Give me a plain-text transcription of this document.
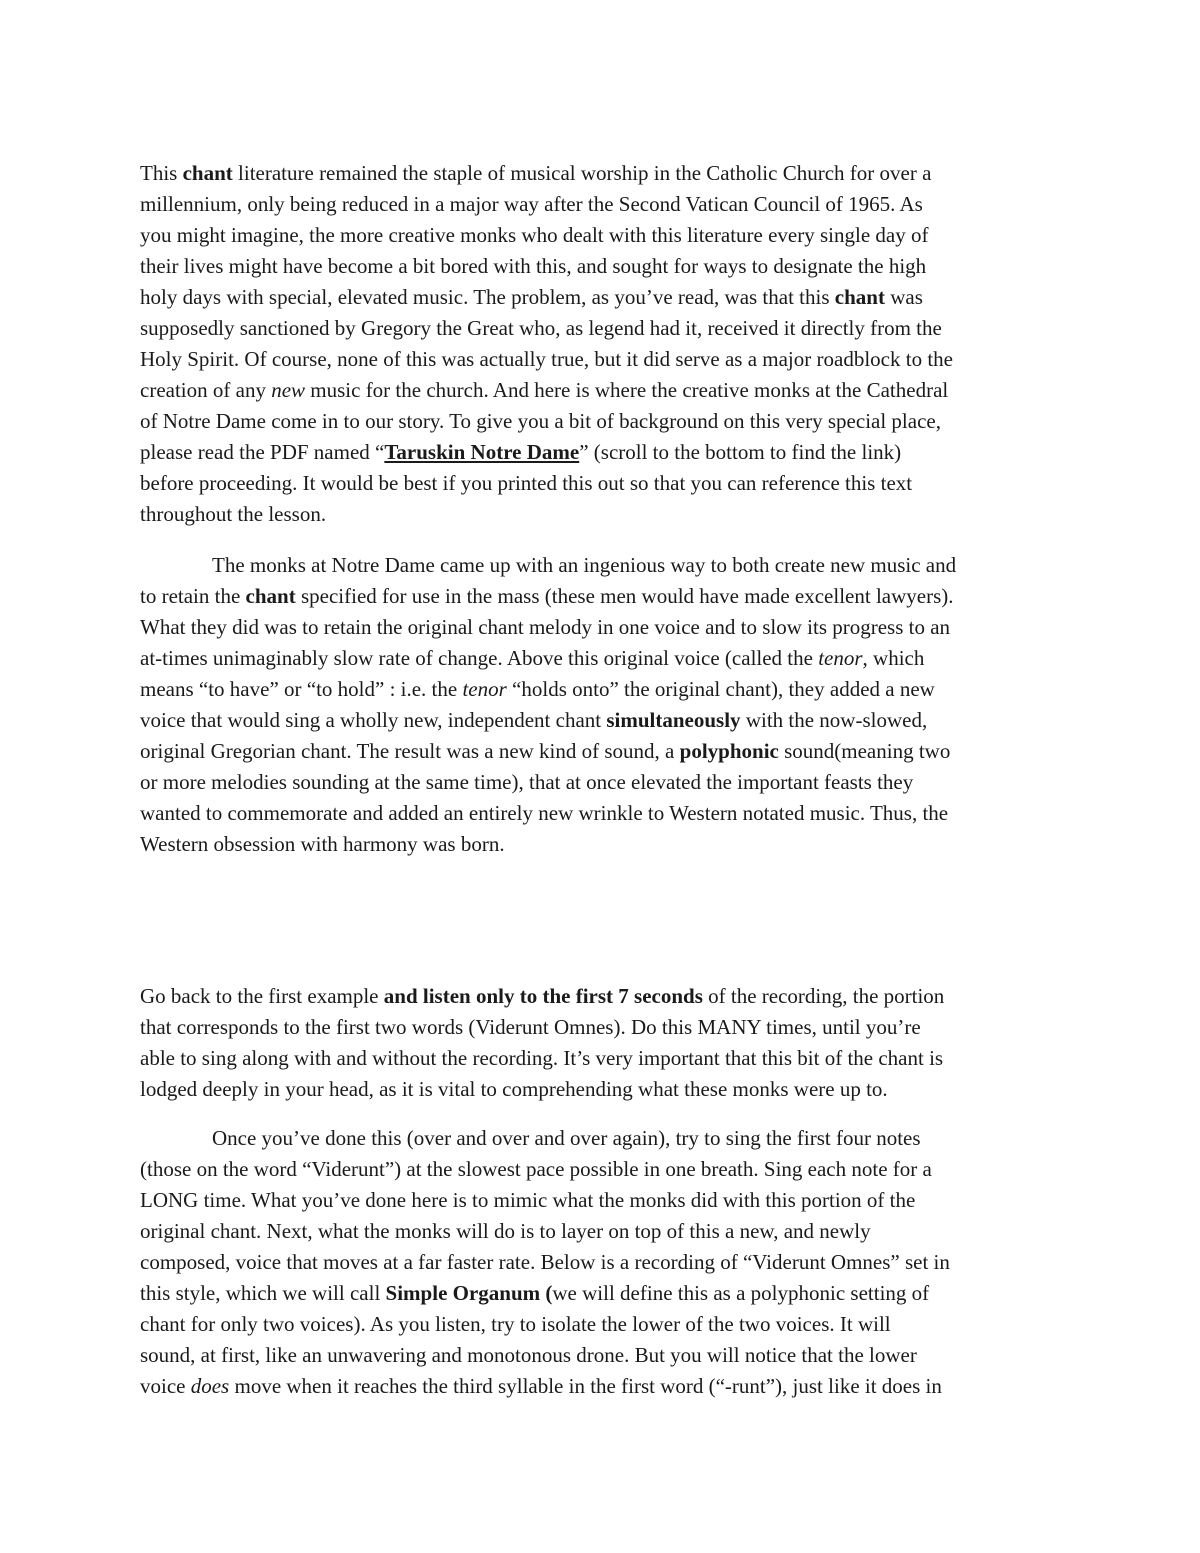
This chant literature remained the staple of musical worship in the Catholic Church for over a
millennium, only being reduced in a major way after the Second Vatican Council of 1965. As
you might imagine, the more creative monks who dealt with this literature every single day of
their lives might have become a bit bored with this, and sought for ways to designate the high
holy days with special, elevated music. The problem, as you’ve read, was that this chant was
supposedly sanctioned by Gregory the Great who, as legend had it, received it directly from the
Holy Spirit. Of course, none of this was actually true, but it did serve as a major roadblock to the
creation of any new music for the church. And here is where the creative monks at the Cathedral
of Notre Dame come in to our story. To give you a bit of background on this very special place,
please read the PDF named “Taruskin Notre Dame” (scroll to the bottom to find the link)
before proceeding. It would be best if you printed this out so that you can reference this text
throughout the lesson.
The monks at Notre Dame came up with an ingenious way to both create new music and
to retain the chant specified for use in the mass (these men would have made excellent lawyers).
What they did was to retain the original chant melody in one voice and to slow its progress to an
at-times unimaginably slow rate of change. Above this original voice (called the tenor, which
means “to have” or “to hold” : i.e. the tenor “holds onto” the original chant), they added a new
voice that would sing a wholly new, independent chant simultaneously with the now-slowed,
original Gregorian chant. The result was a new kind of sound, a polyphonic sound(meaning two
or more melodies sounding at the same time), that at once elevated the important feasts they
wanted to commemorate and added an entirely new wrinkle to Western notated music. Thus, the
Western obsession with harmony was born.
Go back to the first example and listen only to the first 7 seconds of the recording, the portion
that corresponds to the first two words (Viderunt Omnes). Do this MANY times, until you’re
able to sing along with and without the recording. It’s very important that this bit of the chant is
lodged deeply in your head, as it is vital to comprehending what these monks were up to.
Once you’ve done this (over and over and over again), try to sing the first four notes
(those on the word “Viderunt”) at the slowest pace possible in one breath. Sing each note for a
LONG time. What you’ve done here is to mimic what the monks did with this portion of the
original chant. Next, what the monks will do is to layer on top of this a new, and newly
composed, voice that moves at a far faster rate. Below is a recording of “Viderunt Omnes” set in
this style, which we will call Simple Organum (we will define this as a polyphonic setting of
chant for only two voices). As you listen, try to isolate the lower of the two voices. It will
sound, at first, like an unwavering and monotonous drone. But you will notice that the lower
voice does move when it reaches the third syllable in the first word (“-runt”), just like it does in
